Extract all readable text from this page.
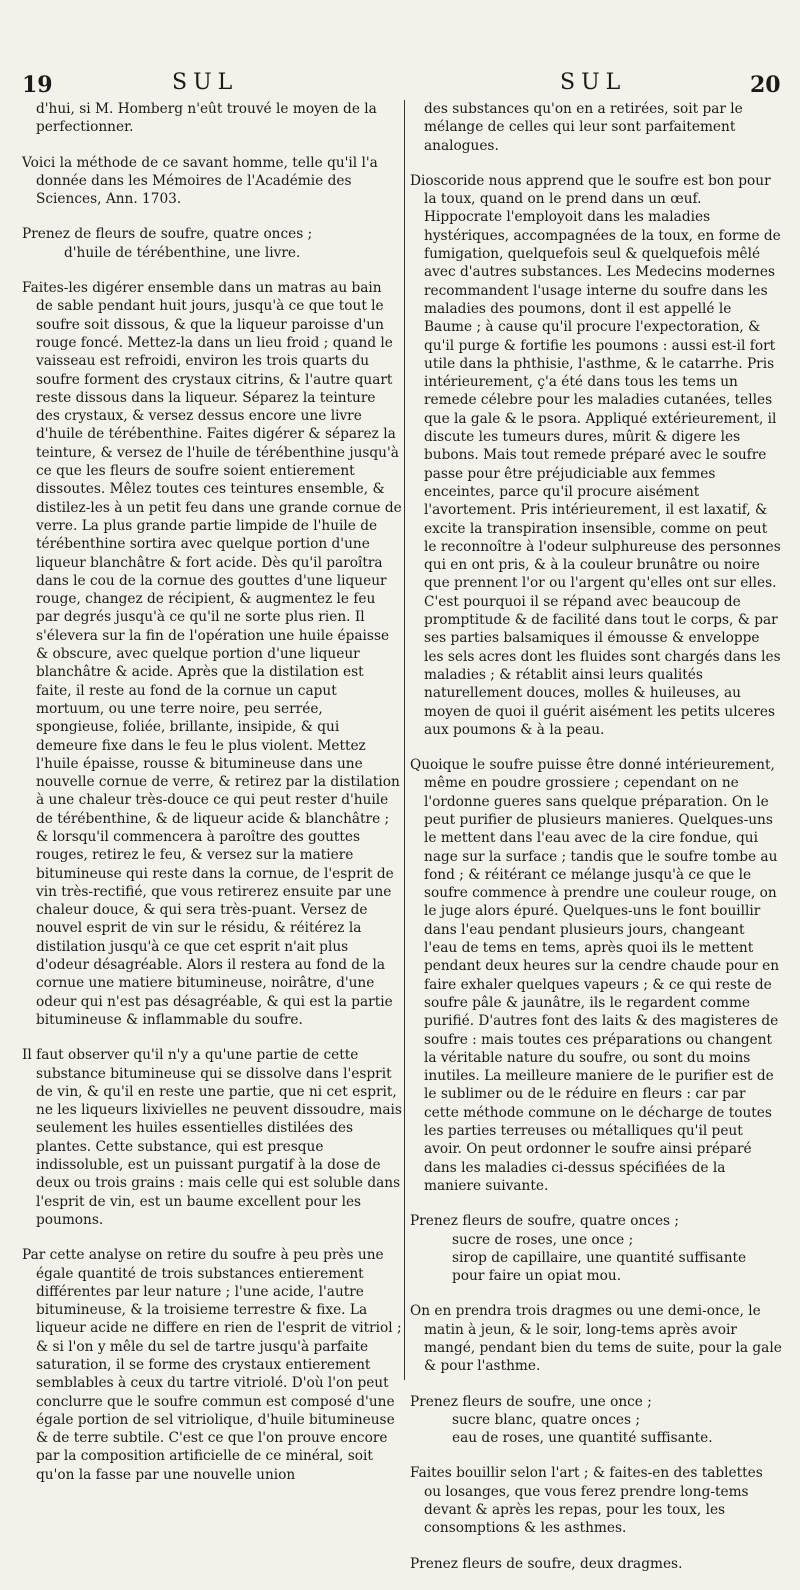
19	SUL	SUL	20

d'hui, si M. Homberg n'eût trouvé le moyen de la perfectionner.

Voici la méthode de ce savant homme, telle qu'il l'a donnée dans les Mémoires de l'Académie des Sciences, Ann. 1703.

Prenez de fleurs de soufre, quatre onces ;
d'huile de térébenthine, une livre.

Faites-les digérer ensemble dans un matras au bain de sable pendant huit jours, jusqu'à ce que tout le soufre soit dissous, & que la liqueur paroisse d'un rouge foncé. Mettez-la dans un lieu froid ; quand le vaisseau est refroidi, environ les trois quarts du soufre forment des crystaux citrins, & l'autre quart reste dissous dans la liqueur. Séparez la teinture des crystaux, & versez dessus encore une livre d'huile de térébenthine. Faites digérer & séparez la teinture, & versez de l'huile de térébenthine jusqu'à ce que les fleurs de soufre soient entierement dissoutes. Mêlez toutes ces teintures ensemble, & distilez-les à un petit feu dans une grande cornue de verre. La plus grande partie limpide de l'huile de térébenthine sortira avec quelque portion d'une liqueur blanchâtre & fort acide. Dès qu'il paroîtra dans le cou de la cornue des gouttes d'une liqueur rouge, changez de récipient, & augmentez le feu par degrés jusqu'à ce qu'il ne sorte plus rien. Il s'élevera sur la fin de l'opération une huile épaisse & obscure, avec quelque portion d'une liqueur blanchâtre & acide. Après que la distilation est faite, il reste au fond de la cornue un caput mortuum, ou une terre noire, peu serrée, spongieuse, foliée, brillante, insipide, & qui demeure fixe dans le feu le plus violent. Mettez l'huile épaisse, rousse & bitumineuse dans une nouvelle cornue de verre, & retirez par la distilation à une chaleur très-douce ce qui peut rester d'huile de térébenthine, & de liqueur acide & blanchâtre ; & lorsqu'il commencera à paroître des gouttes rouges, retirez le feu, & versez sur la matiere bitumineuse qui reste dans la cornue, de l'esprit de vin très-rectifié, que vous retirerez ensuite par une chaleur douce, & qui sera très-puant. Versez de nouvel esprit de vin sur le résidu, & réitérez la distilation jusqu'à ce que cet esprit n'ait plus d'odeur désagréable. Alors il restera au fond de la cornue une matiere bitumineuse, noirâtre, d'une odeur qui n'est pas désagréable, & qui est la partie bitumineuse & inflammable du soufre.

Il faut observer qu'il n'y a qu'une partie de cette substance bitumineuse qui se dissolve dans l'esprit de vin, & qu'il en reste une partie, que ni cet esprit, ne les liqueurs lixivielles ne peuvent dissoudre, mais seulement les huiles essentielles distilées des plantes. Cette substance, qui est presque indissoluble, est un puissant purgatif à la dose de deux ou trois grains : mais celle qui est soluble dans l'esprit de vin, est un baume excellent pour les poumons.

Par cette analyse on retire du soufre à peu près une égale quantité de trois substances entierement différentes par leur nature ; l'une acide, l'autre bitumineuse, & la troisieme terrestre & fixe. La liqueur acide ne differe en rien de l'esprit de vitriol ; & si l'on y mêle du sel de tartre jusqu'à parfaite saturation, il se forme des crystaux entierement semblables à ceux du tartre vitriolé. D'où l'on peut conclurre que le soufre commun est composé d'une égale portion de sel vitriolique, d'huile bitumineuse & de terre subtile. C'est ce que l'on prouve encore par la composition artificielle de ce minéral, soit qu'on la fasse par une nouvelle union

des substances qu'on en a retirées, soit par le mélange de celles qui leur sont parfaitement analogues.

Dioscoride nous apprend que le soufre est bon pour la toux, quand on le prend dans un œuf. Hippocrate l'employoit dans les maladies hystériques, accompagnées de la toux, en forme de fumigation, quelquefois seul & quelquefois mêlé avec d'autres substances. Les Medecins modernes recommandent l'usage interne du soufre dans les maladies des poumons, dont il est appellé le Baume ; à cause qu'il procure l'expectoration, & qu'il purge & fortifie les poumons : aussi est-il fort utile dans la phthisie, l'asthme, & le catarrhe. Pris intérieurement, ç'a été dans tous les tems un remede célebre pour les maladies cutanées, telles que la gale & le psora. Appliqué extérieurement, il discute les tumeurs dures, mûrit & digere les bubons. Mais tout remede préparé avec le soufre passe pour être préjudiciable aux femmes enceintes, parce qu'il procure aisément l'avortement. Pris intérieurement, il est laxatif, & excite la transpiration insensible, comme on peut le reconnoître à l'odeur sulphureuse des personnes qui en ont pris, & à la couleur brunâtre ou noire que prennent l'or ou l'argent qu'elles ont sur elles. C'est pourquoi il se répand avec beaucoup de promptitude & de facilité dans tout le corps, & par ses parties balsamiques il émousse & enveloppe les sels acres dont les fluides sont chargés dans les maladies ; & rétablit ainsi leurs qualités naturellement douces, molles & huileuses, au moyen de quoi il guérit aisément les petits ulceres aux poumons & à la peau.

Quoique le soufre puisse être donné intérieurement, même en poudre grossiere ; cependant on ne l'ordonne gueres sans quelque préparation. On le peut purifier de plusieurs manieres. Quelques-uns le mettent dans l'eau avec de la cire fondue, qui nage sur la surface ; tandis que le soufre tombe au fond ; & réitérant ce mélange jusqu'à ce que le soufre commence à prendre une couleur rouge, on le juge alors épuré. Quelques-uns le font bouillir dans l'eau pendant plusieurs jours, changeant l'eau de tems en tems, après quoi ils le mettent pendant deux heures sur la cendre chaude pour en faire exhaler quelques vapeurs ; & ce qui reste de soufre pâle & jaunâtre, ils le regardent comme purifié. D'autres font des laits & des magisteres de soufre : mais toutes ces préparations ou changent la véritable nature du soufre, ou sont du moins inutiles. La meilleure maniere de le purifier est de le sublimer ou de le réduire en fleurs : car par cette méthode commune on le décharge de toutes les parties terreuses ou métalliques qu'il peut avoir. On peut ordonner le soufre ainsi préparé dans les maladies ci-dessus spécifiées de la maniere suivante.

Prenez fleurs de soufre, quatre onces ;
sucre de roses, une once ;
sirop de capillaire, une quantité suffisante pour faire un opiat mou.

On en prendra trois dragmes ou une demi-once, le matin à jeun, & le soir, long-tems après avoir mangé, pendant bien du tems de suite, pour la gale & pour l'asthme.

Prenez fleurs de soufre, une once ;
sucre blanc, quatre onces ;
eau de roses, une quantité suffisante.

Faites bouillir selon l'art ; & faites-en des tablettes ou losanges, que vous ferez prendre long-tems devant & après les repas, pour les toux, les consomptions & les asthmes.

Prenez fleurs de soufre, deux dragmes.
